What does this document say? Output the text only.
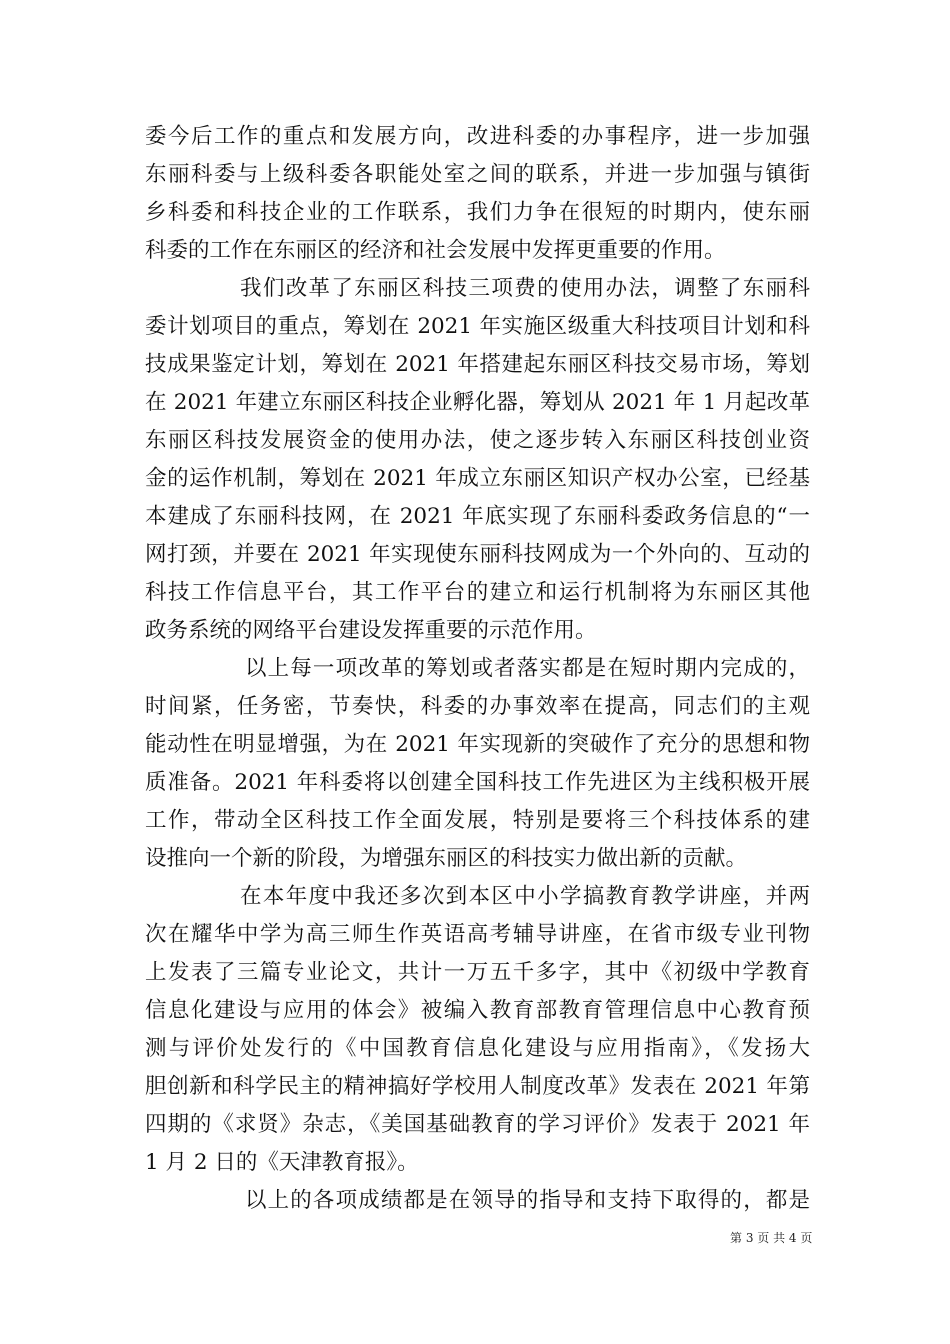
委今后工作的重点和发展方向，改进科委的办事程序，进一步加强
东丽科委与上级科委各职能处室之间的联系，并进一步加强与镇街
乡科委和科技企业的工作联系，我们力争在很短的时期内，使东丽
科委的工作在东丽区的经济和社会发展中发挥更重要的作用。
我们改革了东丽区科技三项费的使用办法，调整了东丽科
委计划项目的重点，筹划在 2021 年实施区级重大科技项目计划和科
技成果鉴定计划，筹划在 2021 年搭建起东丽区科技交易市场，筹划
在 2021 年建立东丽区科技企业孵化器，筹划从 2021 年 1 月起改革
东丽区科技发展资金的使用办法，使之逐步转入东丽区科技创业资
金的运作机制，筹划在 2021 年成立东丽区知识产权办公室，已经基
本建成了东丽科技网，在 2021 年底实现了东丽科委政务信息的“一
网打颈，并要在 2021 年实现使东丽科技网成为一个外向的、互动的
科技工作信息平台，其工作平台的建立和运行机制将为东丽区其他
政务系统的网络平台建设发挥重要的示范作用。
以上每一项改革的筹划或者落实都是在短时期内完成的，
时间紧，任务密，节奏快，科委的办事效率在提高，同志们的主观
能动性在明显增强，为在 2021 年实现新的突破作了充分的思想和物
质准备。2021 年科委将以创建全国科技工作先进区为主线积极开展
工作，带动全区科技工作全面发展，特别是要将三个科技体系的建
设推向一个新的阶段，为增强东丽区的科技实力做出新的贡献。
在本年度中我还多次到本区中小学搞教育教学讲座，并两
次在耀华中学为高三师生作英语高考辅导讲座，在省市级专业刊物
上发表了三篇专业论文，共计一万五千多字，其中《初级中学教育
信息化建设与应用的体会》被编入教育部教育管理信息中心教育预
测与评价处发行的《中国教育信息化建设与应用指南》，《发扬大
胆创新和科学民主的精神搞好学校用人制度改革》发表在 2021 年第
四期的《求贤》杂志，《美国基础教育的学习评价》发表于 2021 年
1 月 2 日的《天津教育报》。
以上的各项成绩都是在领导的指导和支持下取得的，都是
第 3 页 共 4 页
